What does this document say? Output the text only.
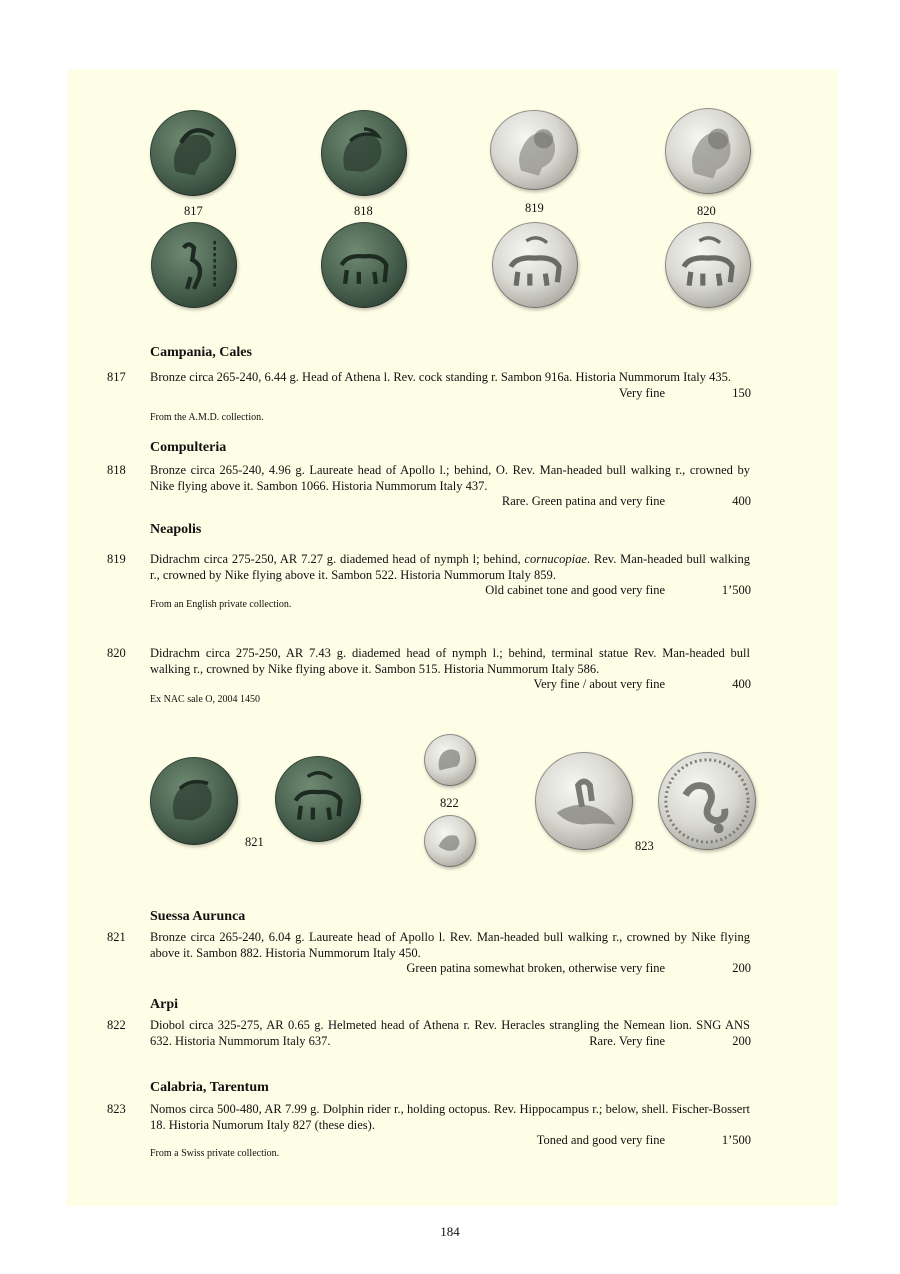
817	818	819	820
Campania, Cales
817 Bronze circa 265-240, 6.44 g. Head of Athena l. Rev. cock standing r. Sambon 916a. Historia Nummorum Italy 435.
Very fine	150
From the A.M.D. collection.
Compulteria
818 Bronze circa 265-240, 4.96 g. Laureate head of Apollo l.; behind, O. Rev. Man-headed bull walking r., crowned by Nike flying above it. Sambon 1066. Historia Nummorum Italy 437.
Rare. Green patina and very fine	400
Neapolis
819 Didrachm circa 275-250, AR 7.27 g. diademed head of nymph l; behind, cornucopiae. Rev. Man-headed bull walking r., crowned by Nike flying above it. Sambon 522. Historia Nummorum Italy 859.
Old cabinet tone and good very fine	1’500
From an English private collection.
820 Didrachm circa 275-250, AR 7.43 g. diademed head of nymph l.; behind, terminal statue Rev. Man-headed bull walking r., crowned by Nike flying above it. Sambon 515. Historia Nummorum Italy 586.
Very fine / about very fine	400
Ex NAC sale O, 2004 1450
821
822
823
Suessa Aurunca
821 Bronze circa 265-240, 6.04 g. Laureate head of Apollo l. Rev. Man-headed bull walking r., crowned by Nike flying above it. Sambon 882. Historia Nummorum Italy 450.
Green patina somewhat broken, otherwise very fine	200
Arpi
822 Diobol circa 325-275, AR 0.65 g. Helmeted head of Athena r. Rev. Heracles strangling the Nemean lion. SNG ANS 632. Historia Nummorum Italy 637.	Rare. Very fine	200
Calabria, Tarentum
823 Nomos circa 500-480, AR 7.99 g. Dolphin rider r., holding octopus. Rev. Hippocampus r.; below, shell. Fischer-Bossert 18. Historia Numorum Italy 827 (these dies).
Toned and good very fine	1’500
From a Swiss private collection.
184
